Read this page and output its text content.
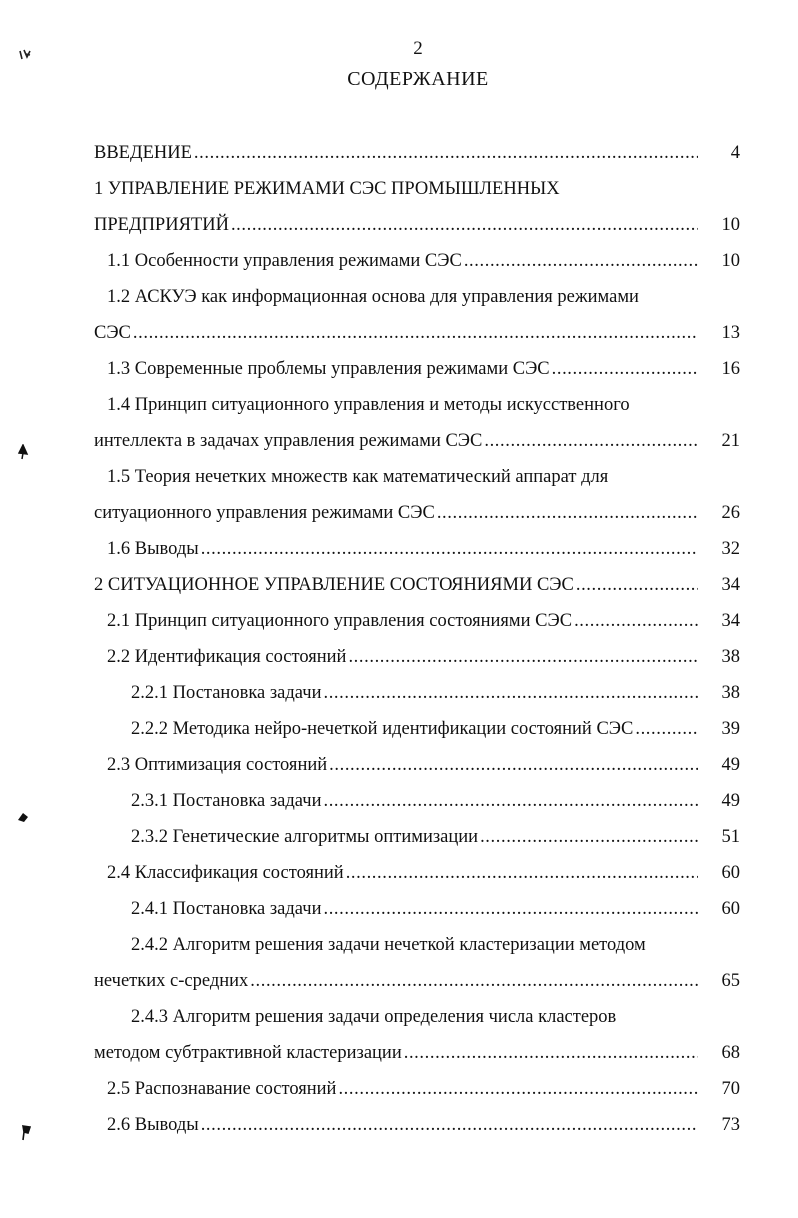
2
СОДЕРЖАНИЕ
ВВЕДЕНИЕ .....	4
1 УПРАВЛЕНИЕ РЕЖИМАМИ СЭС ПРОМЫШЛЕННЫХ
ПРЕДПРИЯТИЙ .....	10
1.1 Особенности управления режимами СЭС .....	10
1.2 АСКУЭ как информационная основа для управления режимами
СЭС .....	13
1.3 Современные проблемы управления режимами СЭС .....	16
1.4 Принцип ситуационного управления и методы искусственного
интеллекта в задачах управления режимами СЭС .....	21
1.5 Теория нечетких множеств как математический аппарат для
ситуационного управления режимами СЭС .....	26
1.6 Выводы .....	32
2 СИТУАЦИОННОЕ УПРАВЛЕНИЕ СОСТОЯНИЯМИ СЭС .....	34
2.1 Принцип ситуационного управления состояниями СЭС .....	34
2.2 Идентификация состояний .....	38
2.2.1 Постановка задачи .....	38
2.2.2 Методика нейро-нечеткой идентификации состояний СЭС .....	39
2.3 Оптимизация состояний .....	49
2.3.1 Постановка задачи .....	49
2.3.2 Генетические алгоритмы оптимизации .....	51
2.4 Классификация состояний .....	60
2.4.1 Постановка задачи .....	60
2.4.2 Алгоритм решения задачи нечеткой кластеризации методом
нечетких с-средних .....	65
2.4.3 Алгоритм решения задачи определения числа кластеров
методом субтрактивной кластеризации .....	68
2.5 Распознавание состояний .....	70
2.6 Выводы .....	73
